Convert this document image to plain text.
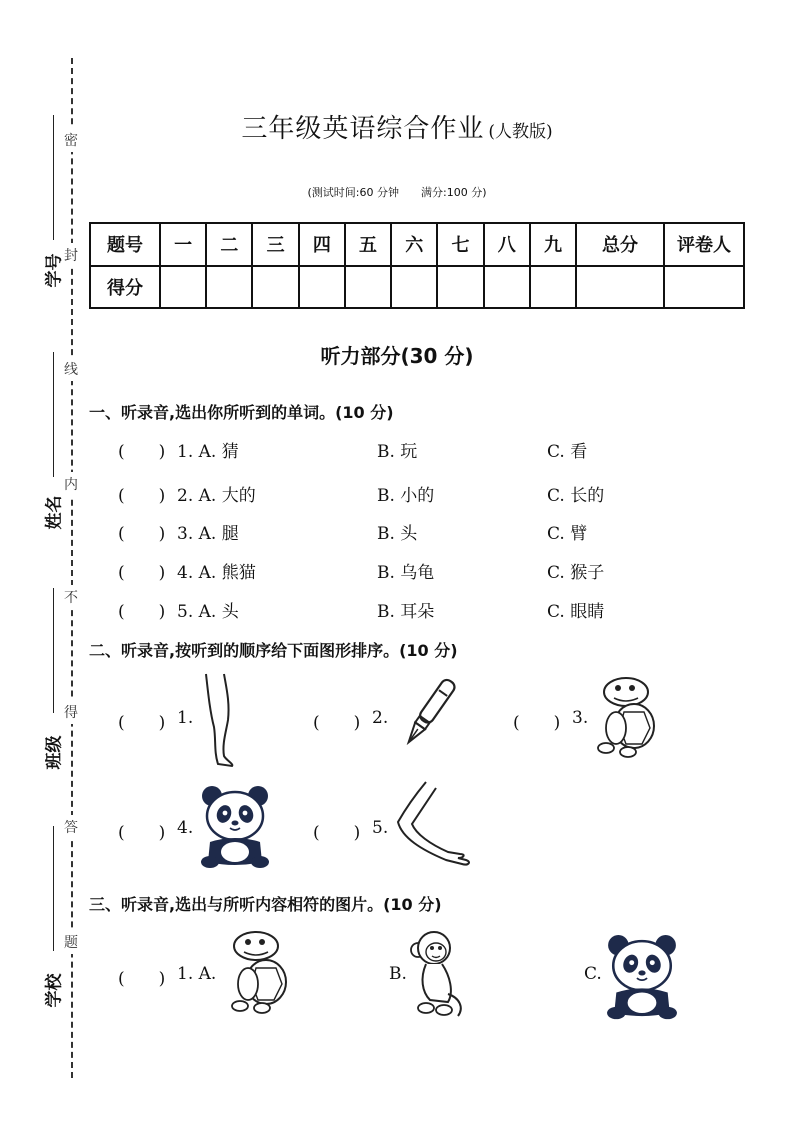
密
封
线
内
不
得
答
题
学号
姓名
班级
学校
三年级英语综合作业 (人教版)
(测试时间:60 分钟　　满分:100 分)
题号	一	二	三	四	五	六	七	八	九	总分	评卷人
得分											
听力部分(30 分)
一、听录音,选出你所听到的单词。(10 分)
(　　) 1. A. 猜	B. 玩	C. 看
(　　) 2. A. 大的	B. 小的	C. 长的
(　　) 3. A. 腿	B. 头	C. 臂
(　　) 4. A. 熊猫	B. 乌龟	C. 猴子
(　　) 5. A. 头	B. 耳朵	C. 眼睛
二、听录音,按听到的顺序给下面图形排序。(10 分)
(　　) 1.	(　　) 2.	(　　) 3.
(　　) 4.	(　　) 5.
三、听录音,选出与所听内容相符的图片。(10 分)
(　　) 1. A.	B.	C.
